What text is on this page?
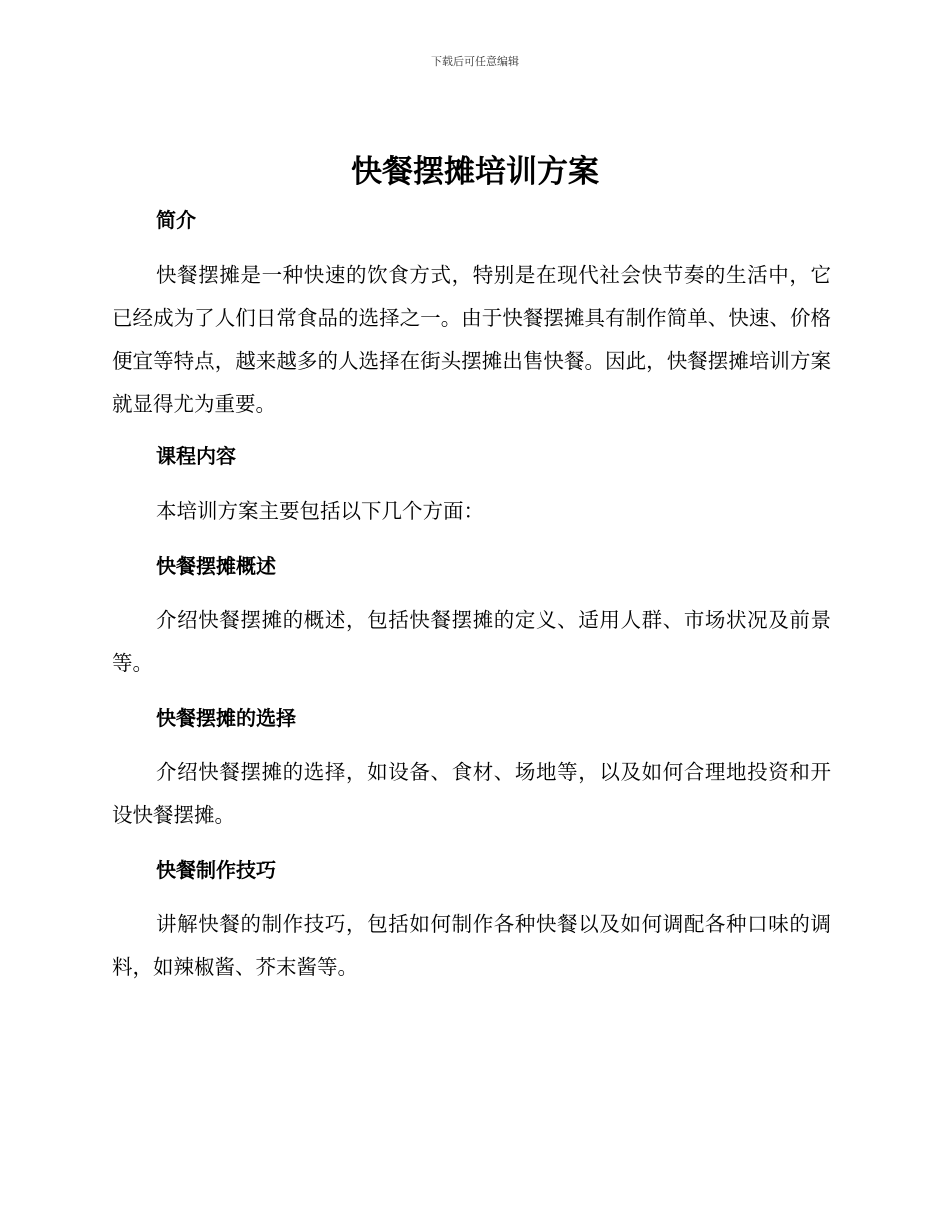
下载后可任意编辑
快餐摆摊培训方案
简介

快餐摆摊是一种快速的饮食方式，特别是在现代社会快节奏的生活中，它已经成为了人们日常食品的选择之一。由于快餐摆摊具有制作简单、快速、价格便宜等特点，越来越多的人选择在街头摆摊出售快餐。因此，快餐摆摊培训方案就显得尤为重要。

课程内容

本培训方案主要包括以下几个方面：

快餐摆摊概述

介绍快餐摆摊的概述，包括快餐摆摊的定义、适用人群、市场状况及前景等。

快餐摆摊的选择

介绍快餐摆摊的选择，如设备、食材、场地等，以及如何合理地投资和开设快餐摆摊。

快餐制作技巧

讲解快餐的制作技巧，包括如何制作各种快餐以及如何调配各种口味的调料，如辣椒酱、芥末酱等。
